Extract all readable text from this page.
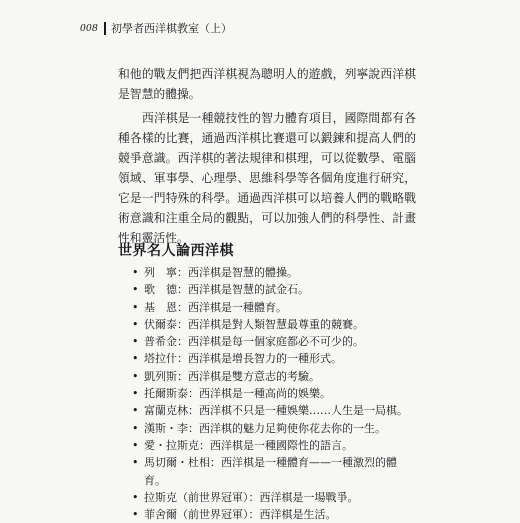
008 初學者西洋棋教室（上）

和他的戰友們把西洋棋視為聰明人的遊戲，列寧說西洋棋是智慧的體操。

西洋棋是一種競技性的智力體育項目，國際間都有各種各樣的比賽，通過西洋棋比賽還可以鍛鍊和提高人們的競爭意識。西洋棋的著法規律和棋理，可以從數學、電腦領域、軍事學、心理學、思維科學等各個角度進行研究，它是一門特殊的科學。通過西洋棋可以培養人們的戰略戰術意識和注重全局的觀點，可以加強人們的科學性、計畫性和靈活性。

世界名人論西洋棋
• 列　寧：西洋棋是智慧的體操。
• 歌　德：西洋棋是智慧的試金石。
• 基　恩：西洋棋是一種體育。
• 伏爾泰：西洋棋是對人類智慧最尊重的競賽。
• 普希金：西洋棋是每一個家庭都必不可少的。
• 塔拉什：西洋棋是增長智力的一種形式。
• 凱列斯：西洋棋是雙方意志的考驗。
• 托爾斯泰：西洋棋是一種高尚的娛樂。
• 富蘭克林：西洋棋不只是一種娛樂……人生是一局棋。
• 漢斯・李：西洋棋的魅力足夠使你花去你的一生。
• 愛・拉斯克：西洋棋是一種國際性的語言。
• 馬切爾・杜相：西洋棋是一種體育——一種激烈的體
育。
• 拉斯克（前世界冠軍）：西洋棋是一場戰爭。
• 菲舍爾（前世界冠軍）：西洋棋是生活。
